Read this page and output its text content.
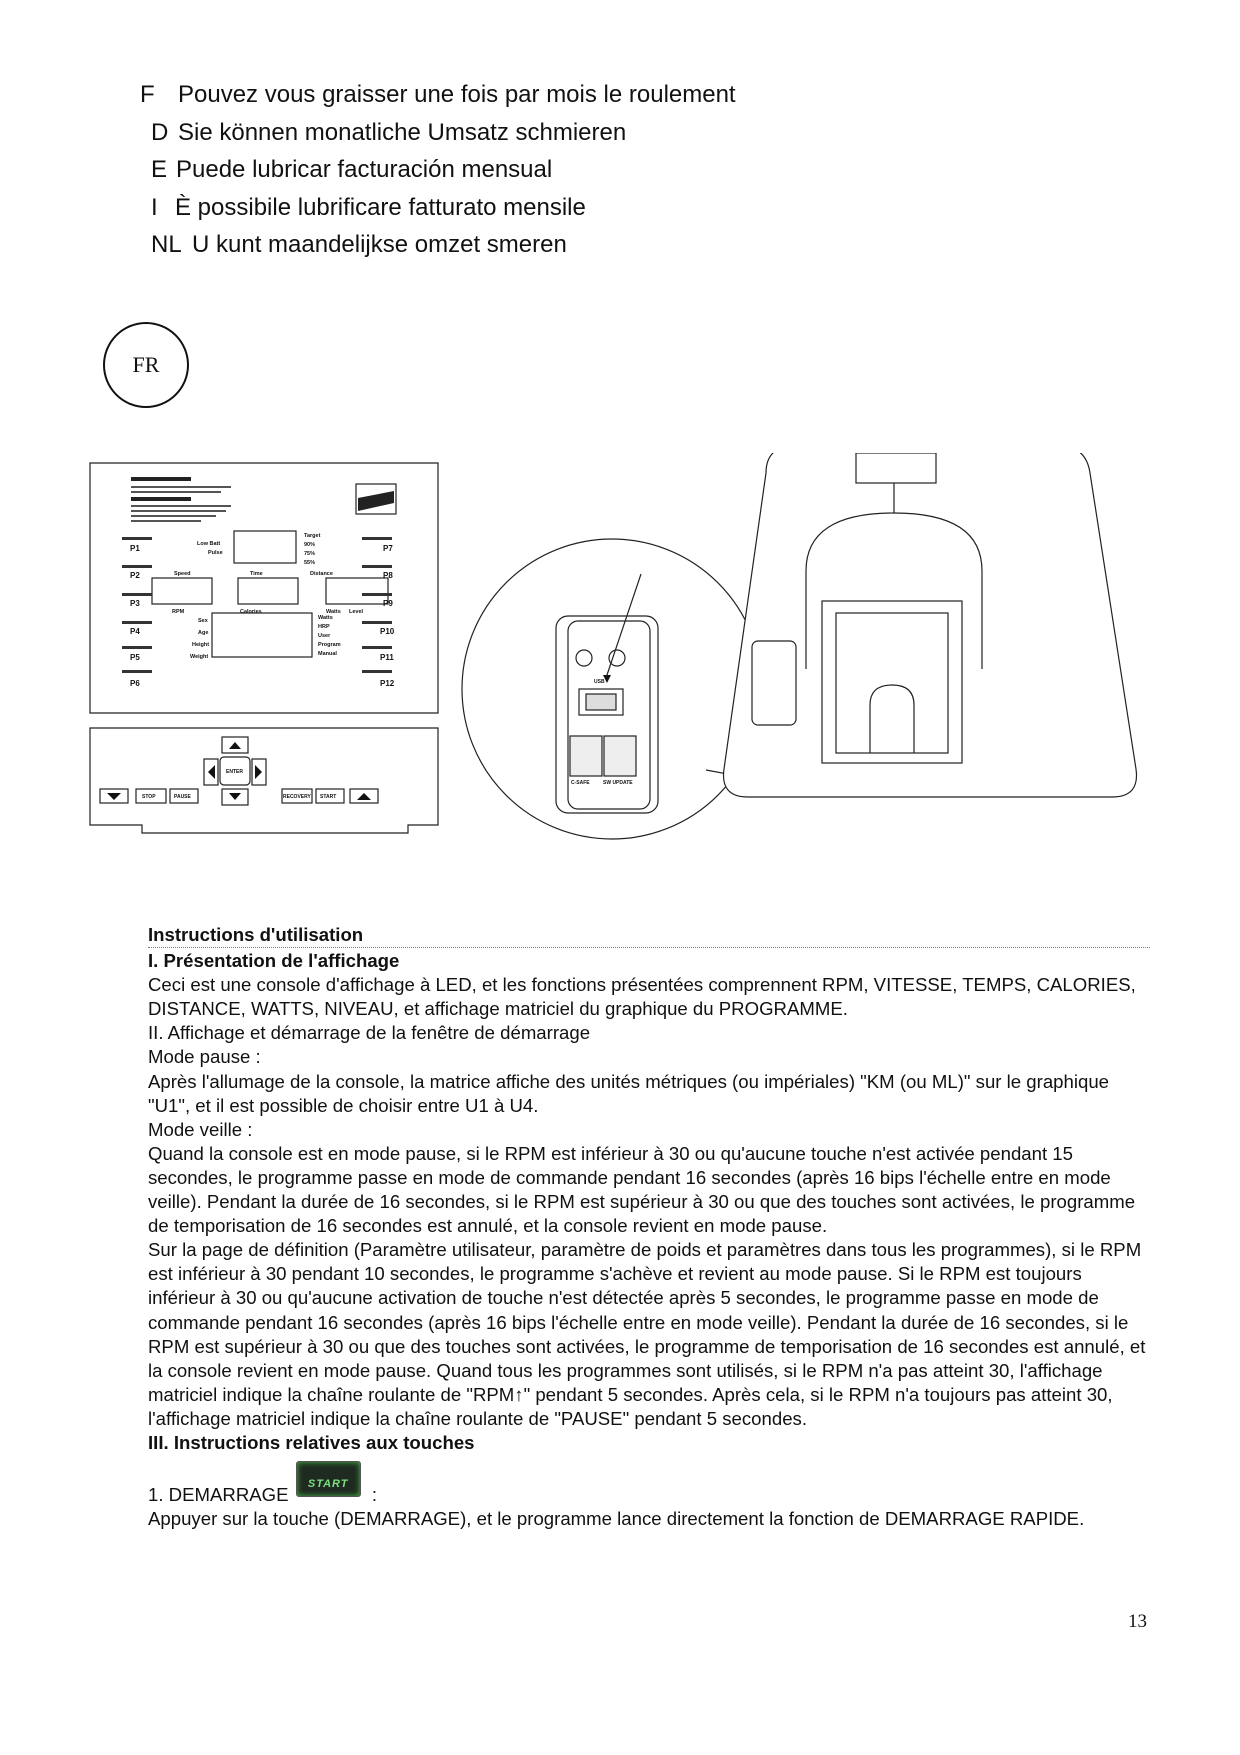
F Pouvez vous graisser une fois par mois le roulement
D Sie können monatliche Umsatz schmieren
E Puede lubricar facturación mensual
I È possibile lubrificare fatturato mensile
NL U kunt maandelijkse omzet smeren
FR
P1
P2
P3
P4
P5
P6
P7
P8
P9
P10
P11
P12
Low Batt
Pulse
Target
90%
75%
55%
Speed	Time	Distance
RPM	Calories	Watts Level
Sex
Age
Height
Weight
Watts
HRP
User
Program
Manual
STOP	PAUSE
ENTER
RECOVERY START
USB
C-SAFE	SW UPDATE

Instructions d'utilisation

I. Présentation de l'affichage

Ceci est une console d'affichage à LED, et les fonctions présentées comprennent RPM, VITESSE, TEMPS, CALORIES, DISTANCE, WATTS, NIVEAU, et affichage matriciel du graphique du PROGRAMME.

II. Affichage et démarrage de la fenêtre de démarrage

Mode pause :

Après l'allumage de la console, la matrice affiche des unités métriques (ou impériales) "KM (ou ML)" sur le graphique "U1", et il est possible de choisir entre U1 à U4.

Mode veille :

Quand la console est en mode pause, si le RPM est inférieur à 30 ou qu'aucune touche n'est activée pendant 15 secondes, le programme passe en mode de commande pendant 16 secondes (après 16 bips l'échelle entre en mode veille). Pendant la durée de 16 secondes, si le RPM est supérieur à 30 ou que des touches sont activées, le programme de temporisation de 16 secondes est annulé, et la console revient en mode pause.

Sur la page de définition (Paramètre utilisateur, paramètre de poids et paramètres dans tous les programmes), si le RPM est inférieur à 30 pendant 10 secondes, le programme s'achève et revient au mode pause. Si le RPM est toujours inférieur à 30 ou qu'aucune activation de touche n'est détectée après 5 secondes, le programme passe en mode de commande pendant 16 secondes (après 16 bips l'échelle entre en mode veille). Pendant la durée de 16 secondes, si le RPM est supérieur à 30 ou que des touches sont activées, le programme de temporisation de 16 secondes est annulé, et la console revient en mode pause. Quand tous les programmes sont utilisés, si le RPM n'a pas atteint 30, l'affichage matriciel indique la chaîne roulante de "RPM↑" pendant 5 secondes. Après cela, si le RPM n'a toujours pas atteint 30, l'affichage matriciel indique la chaîne roulante de "PAUSE" pendant 5 secondes.

III. Instructions relatives aux touches

1. DEMARRAGE	START	:

Appuyer sur la touche (DEMARRAGE), et le programme lance directement la fonction de DEMARRAGE RAPIDE.

13
